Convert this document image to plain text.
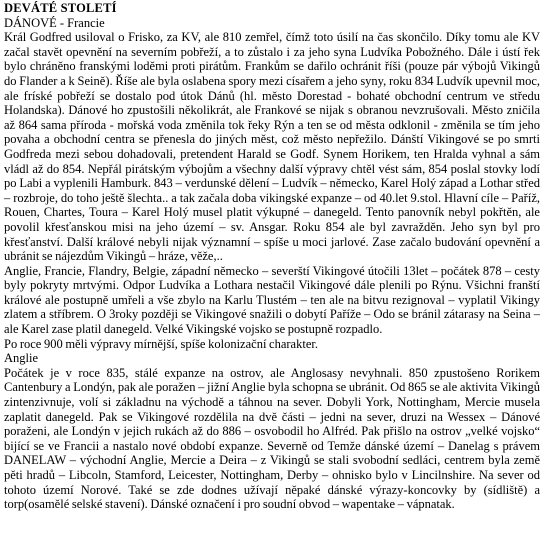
DEVÁTÉ STOLETÍ
DÁNOVÉ - Francie
Král Godfred usiloval o Frisko, za KV, ale 810 zemřel, čímž toto úsilí na čas skončilo. Díky tomu ale KV začal stavět opevnění na severním pobřeží, a to zůstalo i za jeho syna Ludvíka Pobožného. Dále i ústí řek bylo chráněno franskými loděmi proti pirátům. Frankům se dařilo ochránit říši (pouze pár výbojů Vikingů do Flander a k Seině). Říše ale byla oslabena spory mezi císařem a jeho syny, roku 834 Ludvík upevnil moc, ale fríské pobřeží se dostalo pod útok Dánů (hl. město Dorestad - bohaté obchodní centrum ve středu Holandska). Dánové ho zpustošili několikrát, ale Frankové se nijak s obranou nevzrušovali. Město zničila až 864 sama příroda - mořská voda změnila tok řeky Rýn a ten se od města odklonil - změnila se tím jeho povaha a obchodní centra se přenesla do jiných měst, což město nepřežilo. Dánští Vikingové se po smrti Godfreda mezi sebou dohadovali, pretendent Harald se Godf. Synem Horikem, ten Hralda vyhnal a sám vládl až do 854. Nepřál pirátským výbojům a všechny další výpravy chtěl vést sám, 854 poslal stovky lodí po Labi a vyplenili Hamburk. 843 – verdunské dělení – Ludvík – německo, Karel Holý západ a Lothar střed – rozbroje, do toho ještě šlechta.. a tak začala doba vikingské expanze – od 40.let 9.stol. Hlavní cíle – Paříž, Rouen, Chartes, Toura – Karel Holý musel platit výkupné – danegeld. Tento panovník nebyl pokřtěn, ale povolil křesťanskou misi na jeho území – sv. Ansgar. Roku 854 ale byl zavražděn. Jeho syn byl pro křesťanství. Další králové nebyli nijak významní – spíše u moci jarlové. Zase začalo budování opevnění a ubránit se nájezdům Vikingů – hráze, věže,..
Anglie, Francie, Flandry, Belgie, západní německo – severští Vikingové útočili 13let – počátek 878 – cesty byly pokryty mrtvými. Odpor Ludvíka a Lothara nestačil Vikingové dále plenili po Rýnu. Všichni franští králové ale postupně umřeli a vše zbylo na Karlu Tlustém – ten ale na bitvu rezignoval – vyplatil Vikingy zlatem a stříbrem. O 3roky později se Vikingové snažili o dobytí Paříže – Odo se bránil zátarasy na Seina – ale Karel zase platil danegeld. Velké Vikingské vojsko se postupně rozpadlo.
Po roce 900 měli výpravy mírnější, spíše kolonizační charakter.
Anglie
Počátek je v roce 835, stálé expanze na ostrov, ale Anglosasy nevyhnali. 850 zpustošeno Rorikem Cantenbury a Londýn, pak ale poražen – jižní Anglie byla schopna se ubránit. Od 865 se ale aktivita Vikingů zintenzivnuje, volí si základnu na východě a táhnou na sever. Dobyli York, Nottingham, Mercie musela zaplatit danegeld. Pak se Vikingové rozdělila na dvě části – jedni na sever, druzi na Wessex – Dánové poraženi, ale Londýn v jejich rukách až do 886 – osvobodil ho Alfréd. Pak přišlo na ostrov „velké vojsko“ bijící se ve Francii a nastalo nové období expanze. Severně od Temže dánské území – Danelag s právem DANELAW – východní Anglie, Mercie a Deira – z Vikingů se stali svobodní sedláci, centrem byla země pěti hradů – Libcoln, Stamford, Leicester, Nottingham, Derby – ohnisko bylo v Lincilnshire. Na sever od tohoto území Norové. Také se zde dodnes užívají něpaké dánské výrazy-koncovky by (sídliště) a torp(osamělé selské stavení). Dánské označení i pro soudní obvod – wapentake – vápnatak.
